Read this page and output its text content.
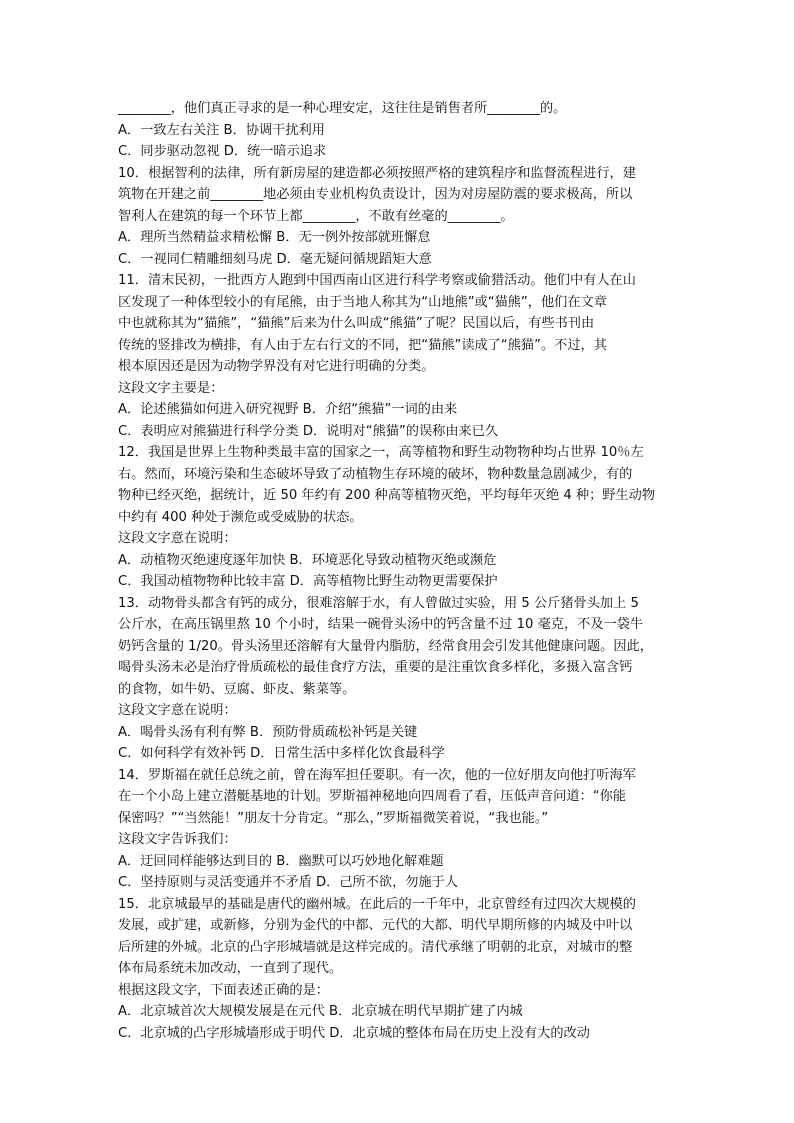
________，他们真正寻求的是一种心理安定，这往往是销售者所________的。
A．一致左右关注 B．协调干扰利用
C．同步驱动忽视 D．统一暗示追求
10．根据智利的法律，所有新房屋的建造都必须按照严格的建筑程序和监督流程进行，建
筑物在开建之前________地必须由专业机构负责设计，因为对房屋防震的要求极高，所以
智利人在建筑的每一个环节上都________，不敢有丝毫的________。
A．理所当然精益求精松懈 B．无一例外按部就班懈怠
C．一视同仁精雕细刻马虎 D．毫无疑问循规蹈矩大意
11．清末民初，一批西方人跑到中国西南山区进行科学考察或偷猎活动。他们中有人在山
区发现了一种体型较小的有尾熊，由于当地人称其为“山地熊”或“猫熊”，他们在文章
中也就称其为“猫熊”，“猫熊”后来为什么叫成“熊猫”了呢？民国以后，有些书刊由
传统的竖排改为横排，有人由于左右行文的不同，把“猫熊”读成了“熊猫”。不过，其
根本原因还是因为动物学界没有对它进行明确的分类。
这段文字主要是：
A．论述熊猫如何进入研究视野 B．介绍“熊猫”一词的由来
C．表明应对熊猫进行科学分类 D．说明对“熊猫”的误称由来已久
12．我国是世界上生物种类最丰富的国家之一，高等植物和野生动物物种均占世界 10％左
右。然而，环境污染和生态破坏导致了动植物生存环境的破坏，物种数量急剧减少，有的
物种已经灭绝，据统计，近 50 年约有 200 种高等植物灭绝，平均每年灭绝 4 种；野生动物
中约有 400 种处于濒危或受威胁的状态。
这段文字意在说明：
A．动植物灭绝速度逐年加快 B．环境恶化导致动植物灭绝或濒危
C．我国动植物物种比较丰富 D．高等植物比野生动物更需要保护
13．动物骨头都含有钙的成分，很难溶解于水，有人曾做过实验，用 5 公斤猪骨头加上 5
公斤水，在高压锅里熬 10 个小时，结果一碗骨头汤中的钙含量不过 10 毫克，不及一袋牛
奶钙含量的 1/20。骨头汤里还溶解有大量骨内脂肪，经常食用会引发其他健康问题。因此，
喝骨头汤未必是治疗骨质疏松的最佳食疗方法，重要的是注重饮食多样化，多摄入富含钙
的食物，如牛奶、豆腐、虾皮、紫菜等。
这段文字意在说明：
A．喝骨头汤有利有弊 B．预防骨质疏松补钙是关键
C．如何科学有效补钙 D．日常生活中多样化饮食最科学
14．罗斯福在就任总统之前，曾在海军担任要职。有一次，他的一位好朋友向他打听海军
在一个小岛上建立潜艇基地的计划。罗斯福神秘地向四周看了看，压低声音问道：“你能
保密吗？”“当然能！”朋友十分肯定。“那么，”罗斯福微笑着说，“我也能。”
这段文字告诉我们：
A．迂回同样能够达到目的 B．幽默可以巧妙地化解难题
C．坚持原则与灵活变通并不矛盾 D．己所不欲，勿施于人
15．北京城最早的基础是唐代的幽州城。在此后的一千年中，北京曾经有过四次大规模的
发展，或扩建，或新修，分别为金代的中都、元代的大都、明代早期所修的内城及中叶以
后所建的外城。北京的凸字形城墙就是这样完成的。清代承继了明朝的北京，对城市的整
体布局系统未加改动，一直到了现代。
根据这段文字，下面表述正确的是：
A．北京城首次大规模发展是在元代 B．北京城在明代早期扩建了内城
C．北京城的凸字形城墙形成于明代 D．北京城的整体布局在历史上没有大的改动
